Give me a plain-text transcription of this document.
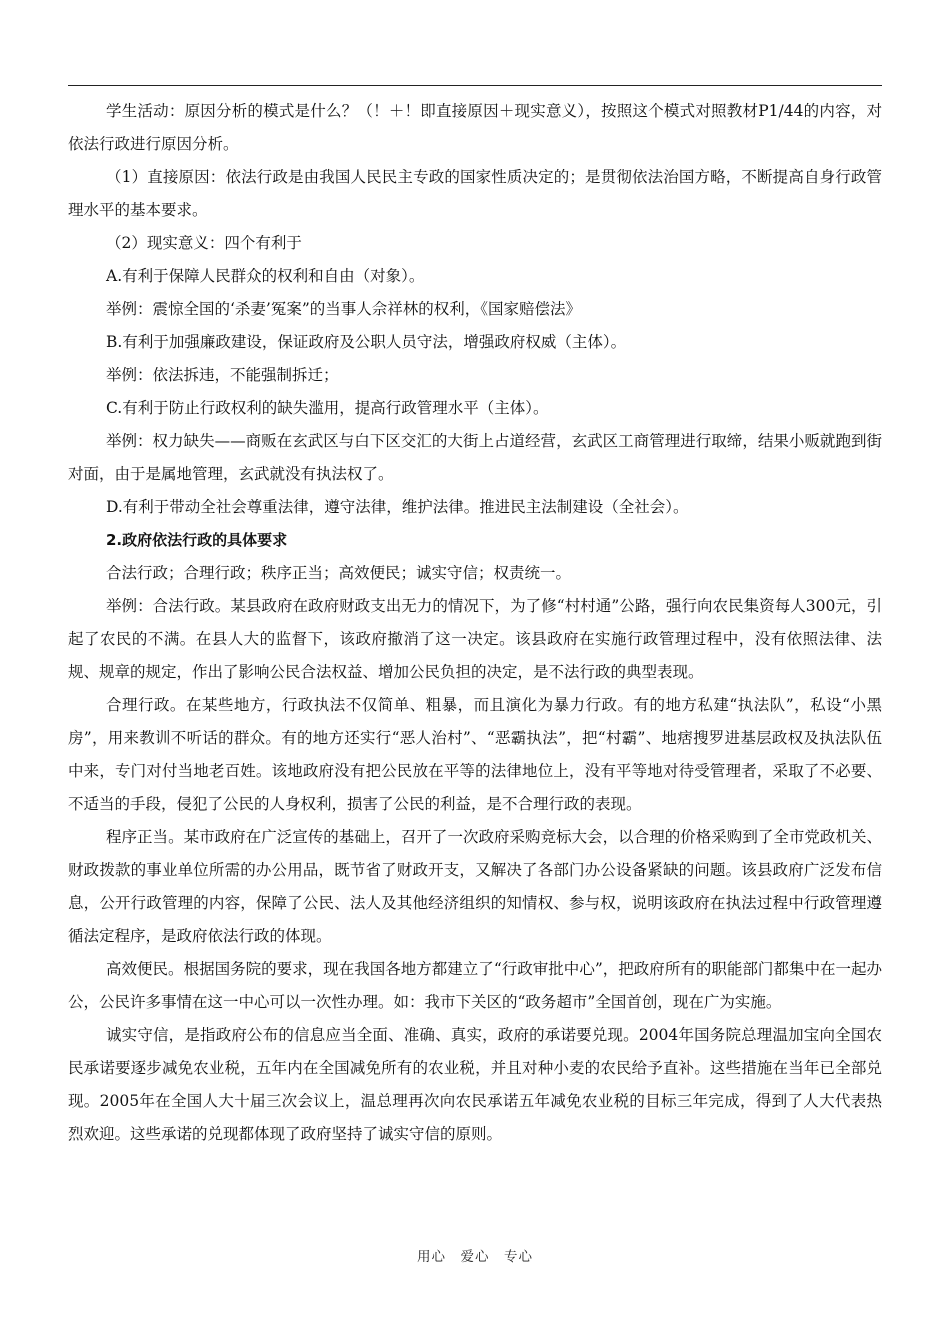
学生活动：原因分析的模式是什么？（！＋！即直接原因＋现实意义），按照这个模式对照教材P1/44的内容，对依法行政进行原因分析。

（1）直接原因：依法行政是由我国人民民主专政的国家性质决定的；是贯彻依法治国方略，不断提高自身行政管理水平的基本要求。

（2）现实意义：四个有利于

A.有利于保障人民群众的权利和自由（对象）。

举例：震惊全国的‘杀妻’冤案”的当事人佘祥林的权利，《国家赔偿法》

B.有利于加强廉政建设，保证政府及公职人员守法，增强政府权威（主体）。

举例：依法拆违，不能强制拆迁；

C.有利于防止行政权利的缺失滥用，提高行政管理水平（主体）。

举例：权力缺失——商贩在玄武区与白下区交汇的大街上占道经营，玄武区工商管理进行取缔，结果小贩就跑到街对面，由于是属地管理，玄武就没有执法权了。

D.有利于带动全社会尊重法律，遵守法律，维护法律。推进民主法制建设（全社会）。

2.政府依法行政的具体要求

合法行政；合理行政；秩序正当；高效便民；诚实守信；权责统一。

举例：合法行政。某县政府在政府财政支出无力的情况下，为了修“村村通”公路，强行向农民集资每人300元，引起了农民的不满。在县人大的监督下，该政府撤消了这一决定。该县政府在实施行政管理过程中，没有依照法律、法规、规章的规定，作出了影响公民合法权益、增加公民负担的决定，是不法行政的典型表现。

合理行政。在某些地方，行政执法不仅简单、粗暴，而且演化为暴力行政。有的地方私建“执法队”，私设“小黑房”，用来教训不听话的群众。有的地方还实行“恶人治村”、“恶霸执法”，把“村霸”、地痞搜罗进基层政权及执法队伍中来，专门对付当地老百姓。该地政府没有把公民放在平等的法律地位上，没有平等地对待受管理者，采取了不必要、不适当的手段，侵犯了公民的人身权利，损害了公民的利益，是不合理行政的表现。

程序正当。某市政府在广泛宣传的基础上，召开了一次政府采购竞标大会，以合理的价格采购到了全市党政机关、财政拨款的事业单位所需的办公用品，既节省了财政开支，又解决了各部门办公设备紧缺的问题。该县政府广泛发布信息，公开行政管理的内容，保障了公民、法人及其他经济组织的知情权、参与权，说明该政府在执法过程中行政管理遵循法定程序，是政府依法行政的体现。

高效便民。根据国务院的要求，现在我国各地方都建立了“行政审批中心”，把政府所有的职能部门都集中在一起办公，公民许多事情在这一中心可以一次性办理。如：我市下关区的“政务超市”全国首创，现在广为实施。

诚实守信，是指政府公布的信息应当全面、准确、真实，政府的承诺要兑现。2004年国务院总理温加宝向全国农民承诺要逐步减免农业税，五年内在全国减免所有的农业税，并且对种小麦的农民给予直补。这些措施在当年已全部兑现。2005年在全国人大十届三次会议上，温总理再次向农民承诺五年减免农业税的目标三年完成，得到了人大代表热烈欢迎。这些承诺的兑现都体现了政府坚持了诚实守信的原则。

用心　爱心　专心
